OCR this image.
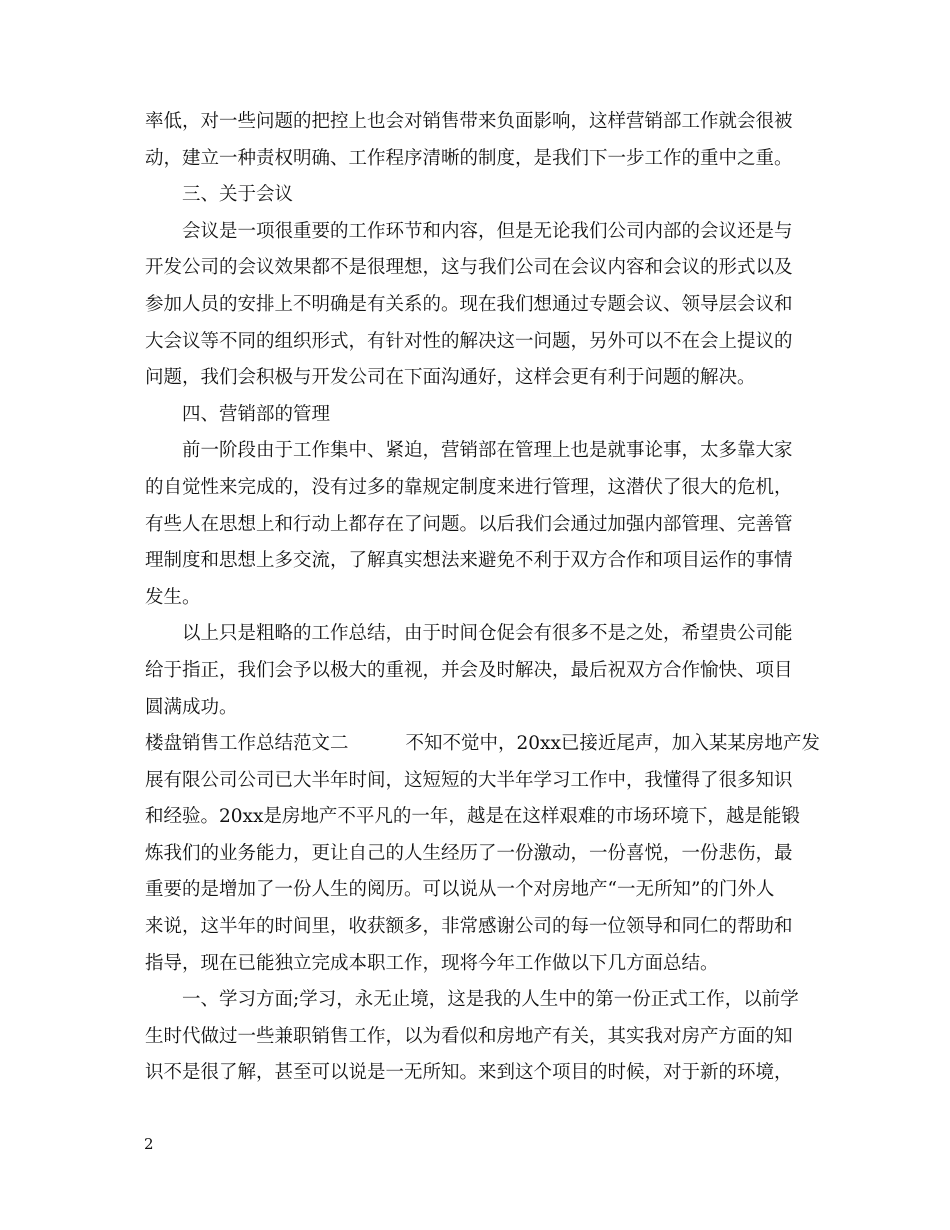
率低，对一些问题的把控上也会对销售带来负面影响，这样营销部工作就会很被

动，建立一种责权明确、工作程序清晰的制度，是我们下一步工作的重中之重。

三、关于会议

会议是一项很重要的工作环节和内容，但是无论我们公司内部的会议还是与

开发公司的会议效果都不是很理想，这与我们公司在会议内容和会议的形式以及

参加人员的安排上不明确是有关系的。现在我们想通过专题会议、领导层会议和

大会议等不同的组织形式，有针对性的解决这一问题，另外可以不在会上提议的

问题，我们会积极与开发公司在下面沟通好，这样会更有利于问题的解决。

四、营销部的管理

前一阶段由于工作集中、紧迫，营销部在管理上也是就事论事，太多靠大家

的自觉性来完成的，没有过多的靠规定制度来进行管理，这潜伏了很大的危机，

有些人在思想上和行动上都存在了问题。以后我们会通过加强内部管理、完善管

理制度和思想上多交流，了解真实想法来避免不利于双方合作和项目运作的事情

发生。

以上只是粗略的工作总结，由于时间仓促会有很多不是之处，希望贵公司能

给于指正，我们会予以极大的重视，并会及时解决，最后祝双方合作愉快、项目

圆满成功。

楼盘销售工作总结范文二	不知不觉中，20xx已接近尾声，加入某某房地产发

展有限公司公司已大半年时间，这短短的大半年学习工作中，我懂得了很多知识

和经验。20xx是房地产不平凡的一年，越是在这样艰难的市场环境下，越是能锻

炼我们的业务能力，更让自己的人生经历了一份激动，一份喜悦，一份悲伤，最

重要的是增加了一份人生的阅历。可以说从一个对房地产“一无所知”的门外人

来说，这半年的时间里，收获额多，非常感谢公司的每一位领导和同仁的帮助和

指导，现在已能独立完成本职工作，现将今年工作做以下几方面总结。

一、学习方面;学习，永无止境，这是我的人生中的第一份正式工作，以前学

生时代做过一些兼职销售工作，以为看似和房地产有关，其实我对房产方面的知

识不是很了解，甚至可以说是一无所知。来到这个项目的时候，对于新的环境，

2
